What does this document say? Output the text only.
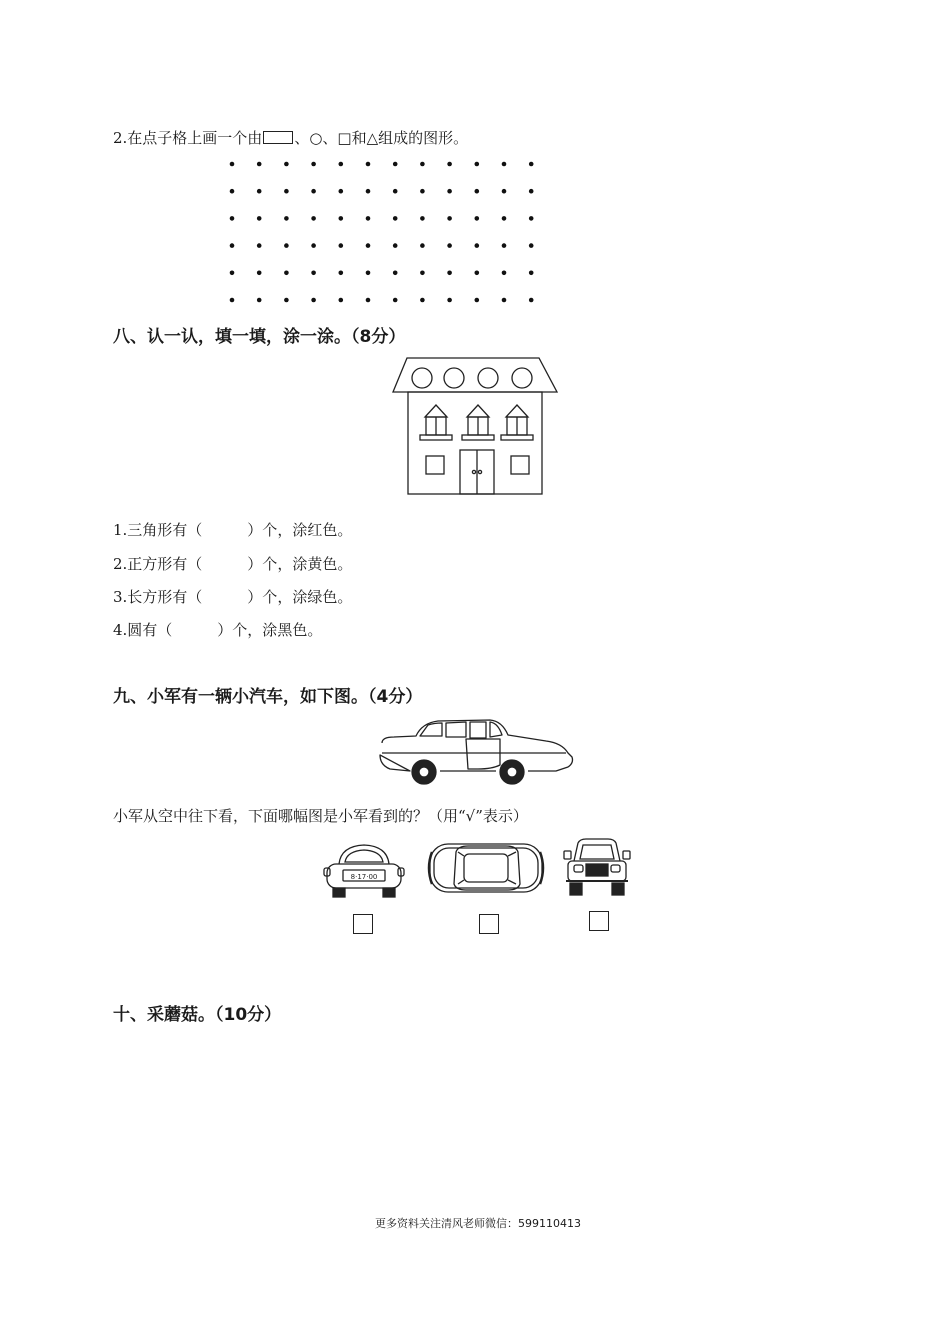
2.在点子格上画一个由 、○、□和△组成的图形。
八、认一认，填一填，涂一涂。（8分）
1.三角形有（　　　）个，涂红色。
2.正方形有（　　　）个，涂黄色。
3.长方形有（　　　）个，涂绿色。
4.圆有（　　　）个，涂黑色。
九、小军有一辆小汽车，如下图。（4分）
小军从空中往下看，下面哪幅图是小军看到的？（用“√”表示）
8·17·00
十、采蘑菇。（10分）
更多资料关注清风老师微信：599110413
